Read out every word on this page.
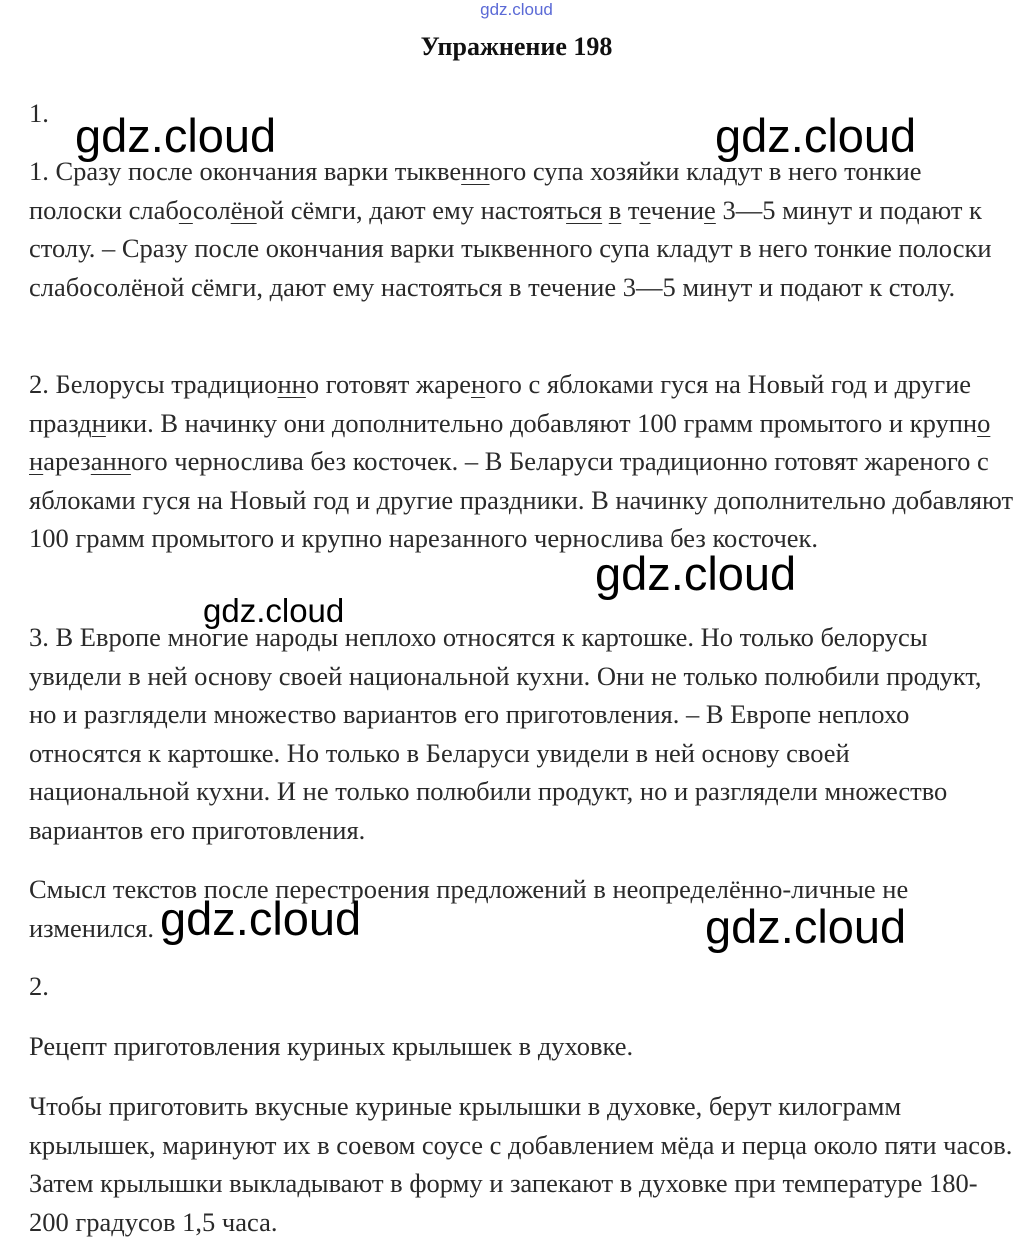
gdz.cloud
Упражнение 198

1.

1. Сразу после окончания варки тыквенного супа хозяйки кладут в него тонкие полоски слабосолёной сёмги, дают ему настояться в течение 3—5 минут и подают к столу. – Сразу после окончания варки тыквенного супа кладут в него тонкие полоски слабосолёной сёмги, дают ему настояться в течение 3—5 минут и подают к столу.

2. Белорусы традиционно готовят жареного с яблоками гуся на Новый год и другие праздники. В начинку они дополнительно добавляют 100 грамм промытого и крупно нарезанного чернослива без косточек. – В Беларуси традиционно готовят жареного с яблоками гуся на Новый год и другие праздники. В начинку дополнительно добавляют 100 грамм промытого и крупно нарезанного чернослива без косточек.

3. В Европе многие народы неплохо относятся к картошке. Но только белорусы увидели в ней основу своей национальной кухни. Они не только полюбили продукт, но и разглядели множество вариантов его приготовления. – В Европе неплохо относятся к картошке. Но только в Беларуси увидели в ней основу своей национальной кухни. И не только полюбили продукт, но и разглядели множество вариантов его приготовления.

Смысл текстов после перестроения предложений в неопределённо-личные не изменился.

2.

Рецепт приготовления куриных крылышек в духовке.

Чтобы приготовить вкусные куриные крылышки в духовке, берут килограмм крылышек, маринуют их в соевом соусе с добавлением мёда и перца около пяти часов. Затем крылышки выкладывают в форму и запекают в духовке при температуре 180-200 градусов 1,5 часа.

gdz.cloud	gdz.cloud
gdz.cloud
gdz.cloud
gdz.cloud	gdz.cloud
